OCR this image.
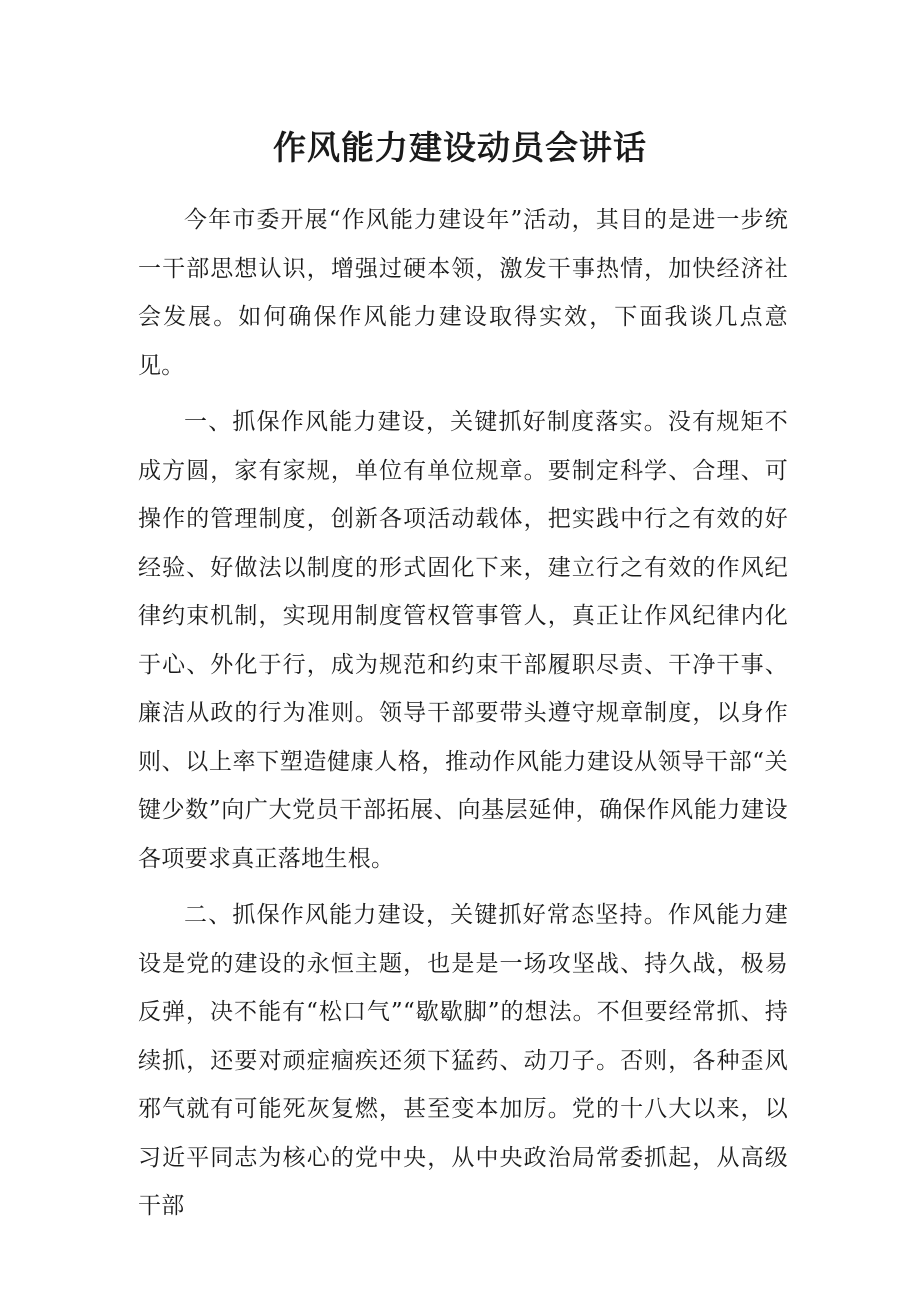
作风能力建设动员会讲话

今年市委开展“作风能力建设年”活动，其目的是进一步统一干部思想认识，增强过硬本领，激发干事热情，加快经济社会发展。如何确保作风能力建设取得实效，下面我谈几点意见。

一、抓保作风能力建设，关键抓好制度落实。没有规矩不成方圆，家有家规，单位有单位规章。要制定科学、合理、可操作的管理制度，创新各项活动载体，把实践中行之有效的好经验、好做法以制度的形式固化下来，建立行之有效的作风纪律约束机制，实现用制度管权管事管人，真正让作风纪律内化于心、外化于行，成为规范和约束干部履职尽责、干净干事、廉洁从政的行为准则。领导干部要带头遵守规章制度，以身作则、以上率下塑造健康人格，推动作风能力建设从领导干部“关键少数”向广大党员干部拓展、向基层延伸，确保作风能力建设各项要求真正落地生根。

二、抓保作风能力建设，关键抓好常态坚持。作风能力建设是党的建设的永恒主题，也是是一场攻坚战、持久战，极易反弹，决不能有“松口气”“歇歇脚”的想法。不但要经常抓、持续抓，还要对顽症痼疾还须下猛药、动刀子。否则，各种歪风邪气就有可能死灰复燃，甚至变本加厉。党的十八大以来，以习近平同志为核心的党中央，从中央政治局常委抓起，从高级干部
